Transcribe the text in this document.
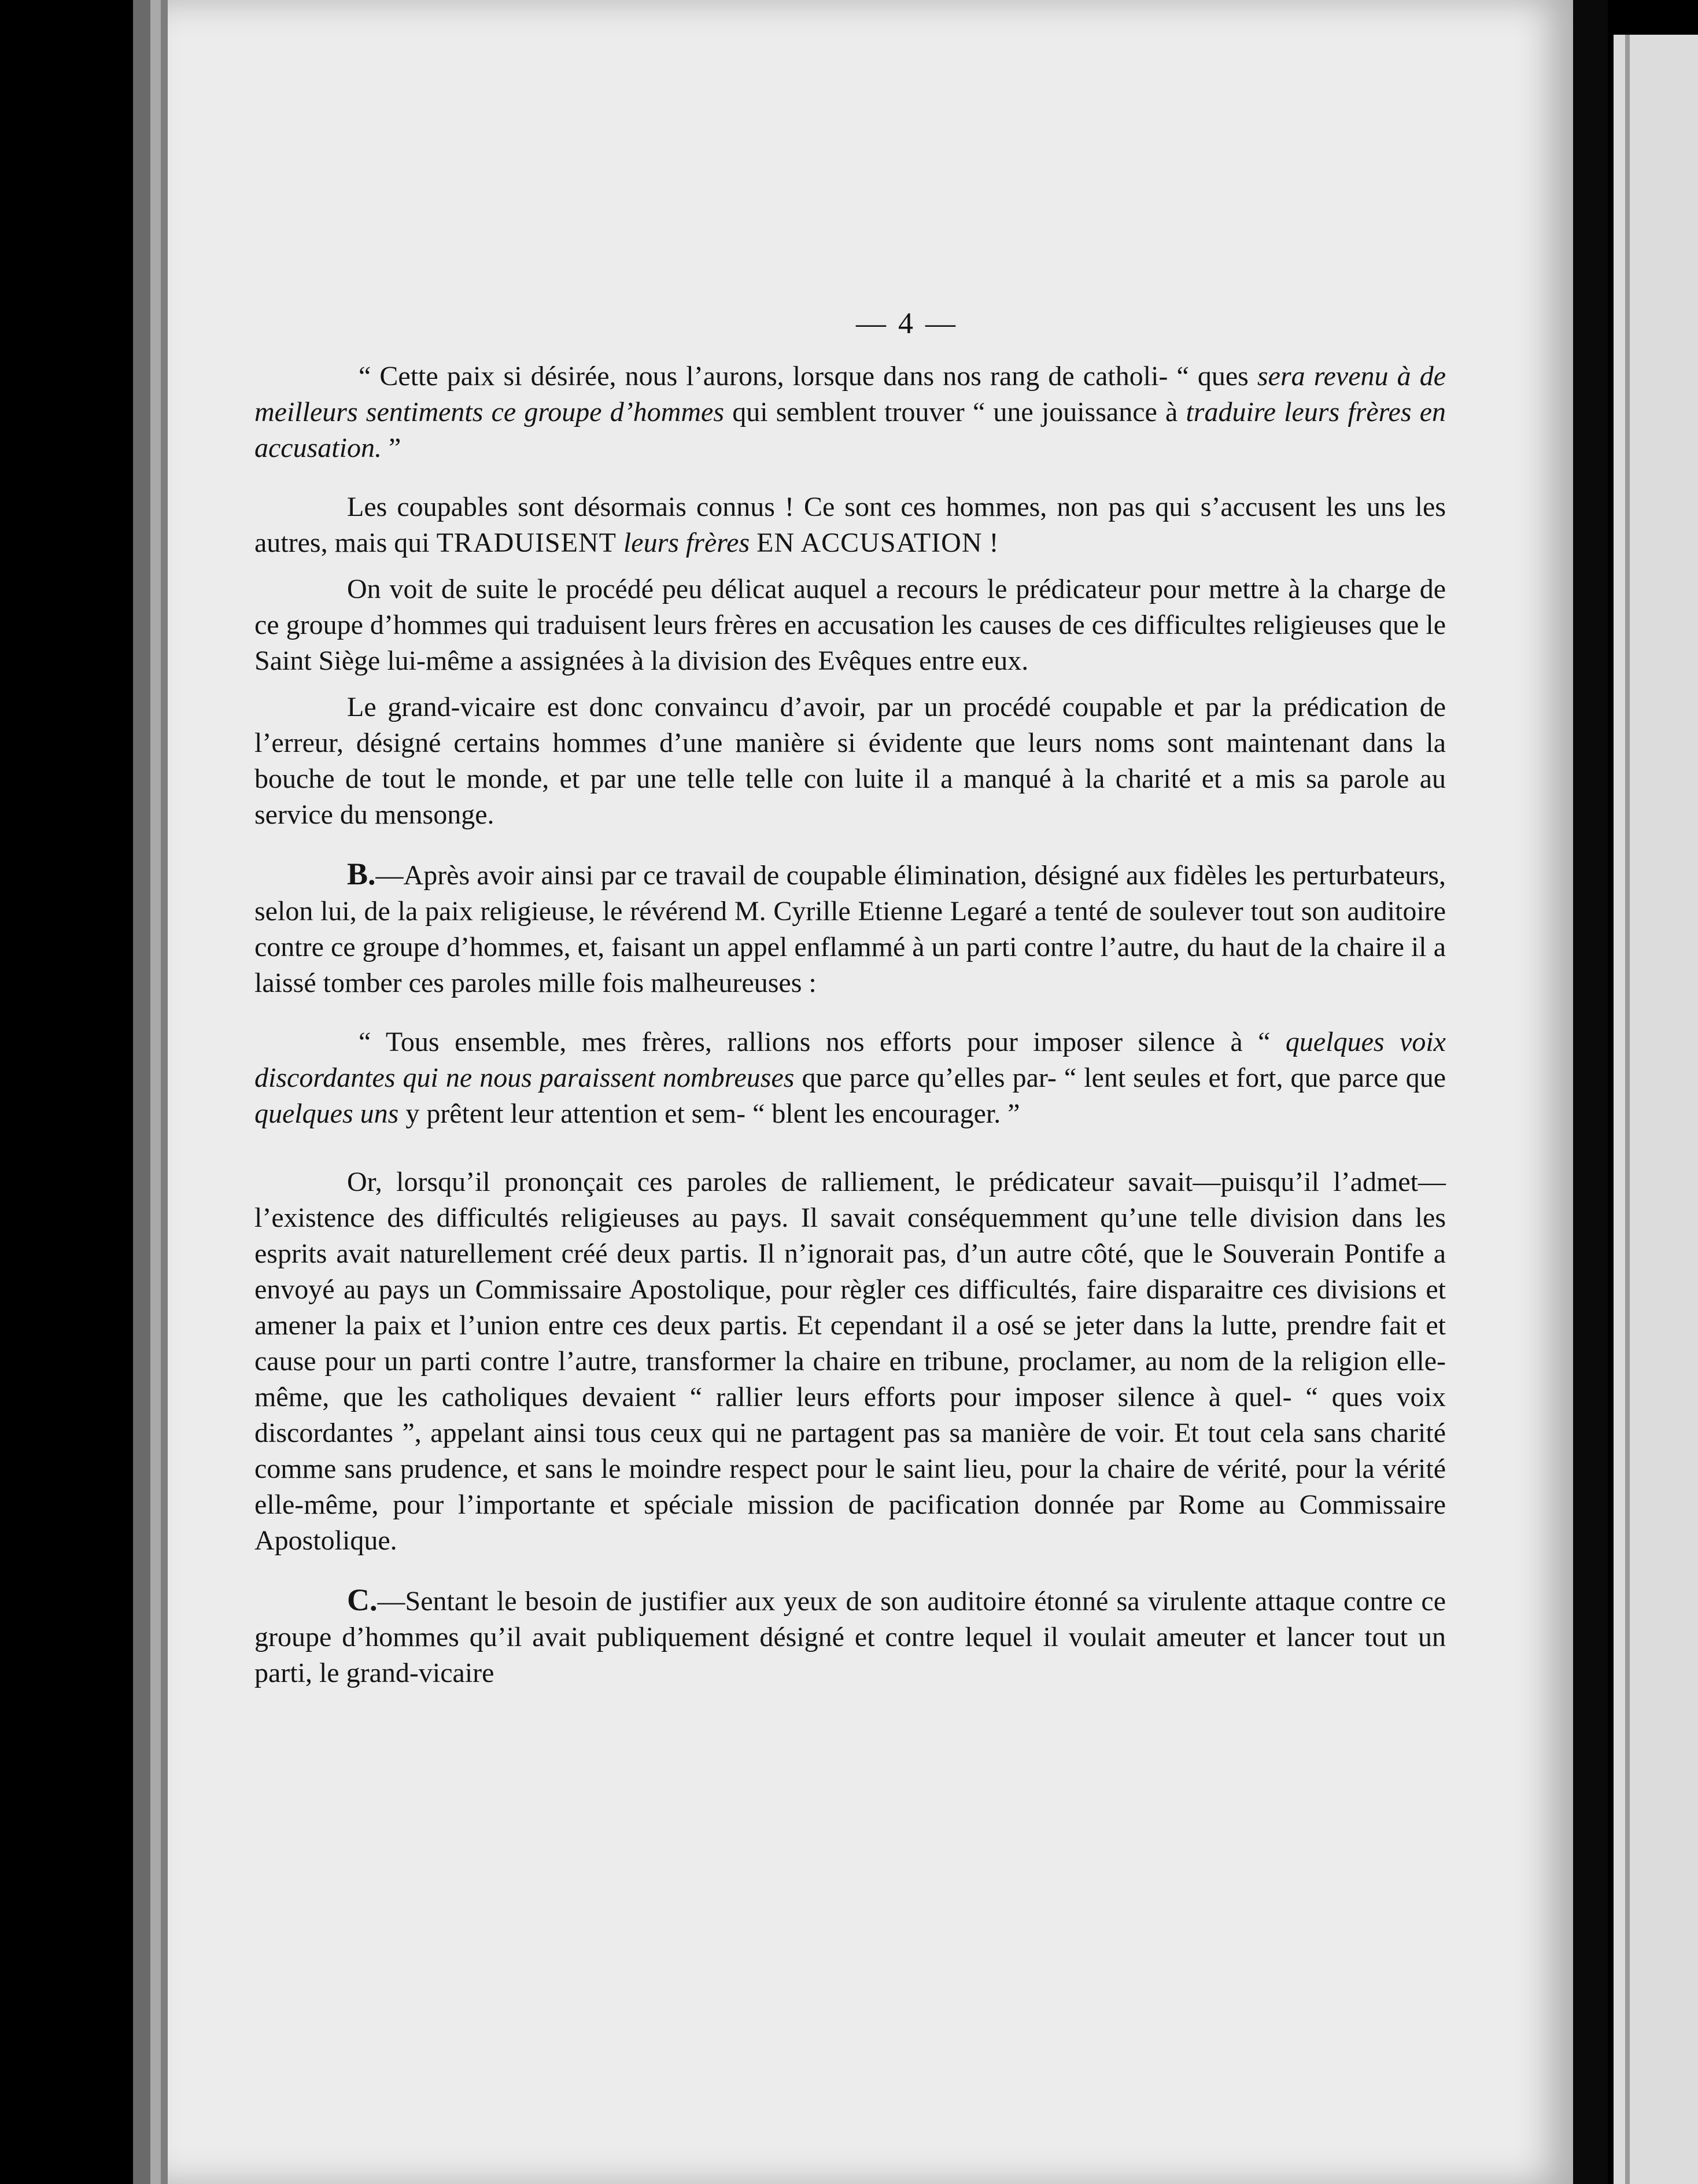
— 4 —

“ Cette paix si désirée, nous l’aurons, lorsque dans nos rang de catholi- “ ques sera revenu à de meilleurs sentiments ce groupe d’hommes qui semblent trouver “ une jouissance à traduire leurs frères en accusation. ”

Les coupables sont désormais connus ! Ce sont ces hommes, non pas qui s’accusent les uns les autres, mais qui TRADUISENT leurs frères EN ACCUSATION !

On voit de suite le procédé peu délicat auquel a recours le prédicateur pour mettre à la charge de ce groupe d’hommes qui traduisent leurs frères en accusation les causes de ces difficultes religieuses que le Saint Siège lui-même a assignées à la division des Evêques entre eux.

Le grand-vicaire est donc convaincu d’avoir, par un procédé coupable et par la prédication de l’erreur, désigné certains hommes d’une manière si évidente que leurs noms sont maintenant dans la bouche de tout le monde, et par une telle telle con luite il a manqué à la charité et a mis sa parole au service du mensonge.

B.—Après avoir ainsi par ce travail de coupable élimination, désigné aux fidèles les perturbateurs, selon lui, de la paix religieuse, le révérend M. Cyrille Etienne Legaré a tenté de soulever tout son auditoire contre ce groupe d’hommes, et, faisant un appel enflammé à un parti contre l’autre, du haut de la chaire il a laissé tomber ces paroles mille fois malheureuses :

“ Tous ensemble, mes frères, rallions nos efforts pour imposer silence à “ quelques voix discordantes qui ne nous paraissent nombreuses que parce qu’elles par- “ lent seules et fort, que parce que quelques uns y prêtent leur attention et sem- “ blent les encourager. ”

Or, lorsqu’il prononçait ces paroles de ralliement, le prédicateur savait—puisqu’il l’admet—l’existence des difficultés religieuses au pays. Il savait conséquemment qu’une telle division dans les esprits avait naturellement créé deux partis. Il n’ignorait pas, d’un autre côté, que le Souverain Pontife a envoyé au pays un Commissaire Apostolique, pour règler ces difficultés, faire disparaitre ces divisions et amener la paix et l’union entre ces deux partis. Et cependant il a osé se jeter dans la lutte, prendre fait et cause pour un parti contre l’autre, transformer la chaire en tribune, proclamer, au nom de la religion elle-même, que les catholiques devaient “ rallier leurs efforts pour imposer silence à quel- “ ques voix discordantes ”, appelant ainsi tous ceux qui ne partagent pas sa manière de voir. Et tout cela sans charité comme sans prudence, et sans le moindre respect pour le saint lieu, pour la chaire de vérité, pour la vérité elle-même, pour l’importante et spéciale mission de pacification donnée par Rome au Commissaire Apostolique.

C.—Sentant le besoin de justifier aux yeux de son auditoire étonné sa virulente attaque contre ce groupe d’hommes qu’il avait publiquement désigné et contre lequel il voulait ameuter et lancer tout un parti, le grand-vicaire
